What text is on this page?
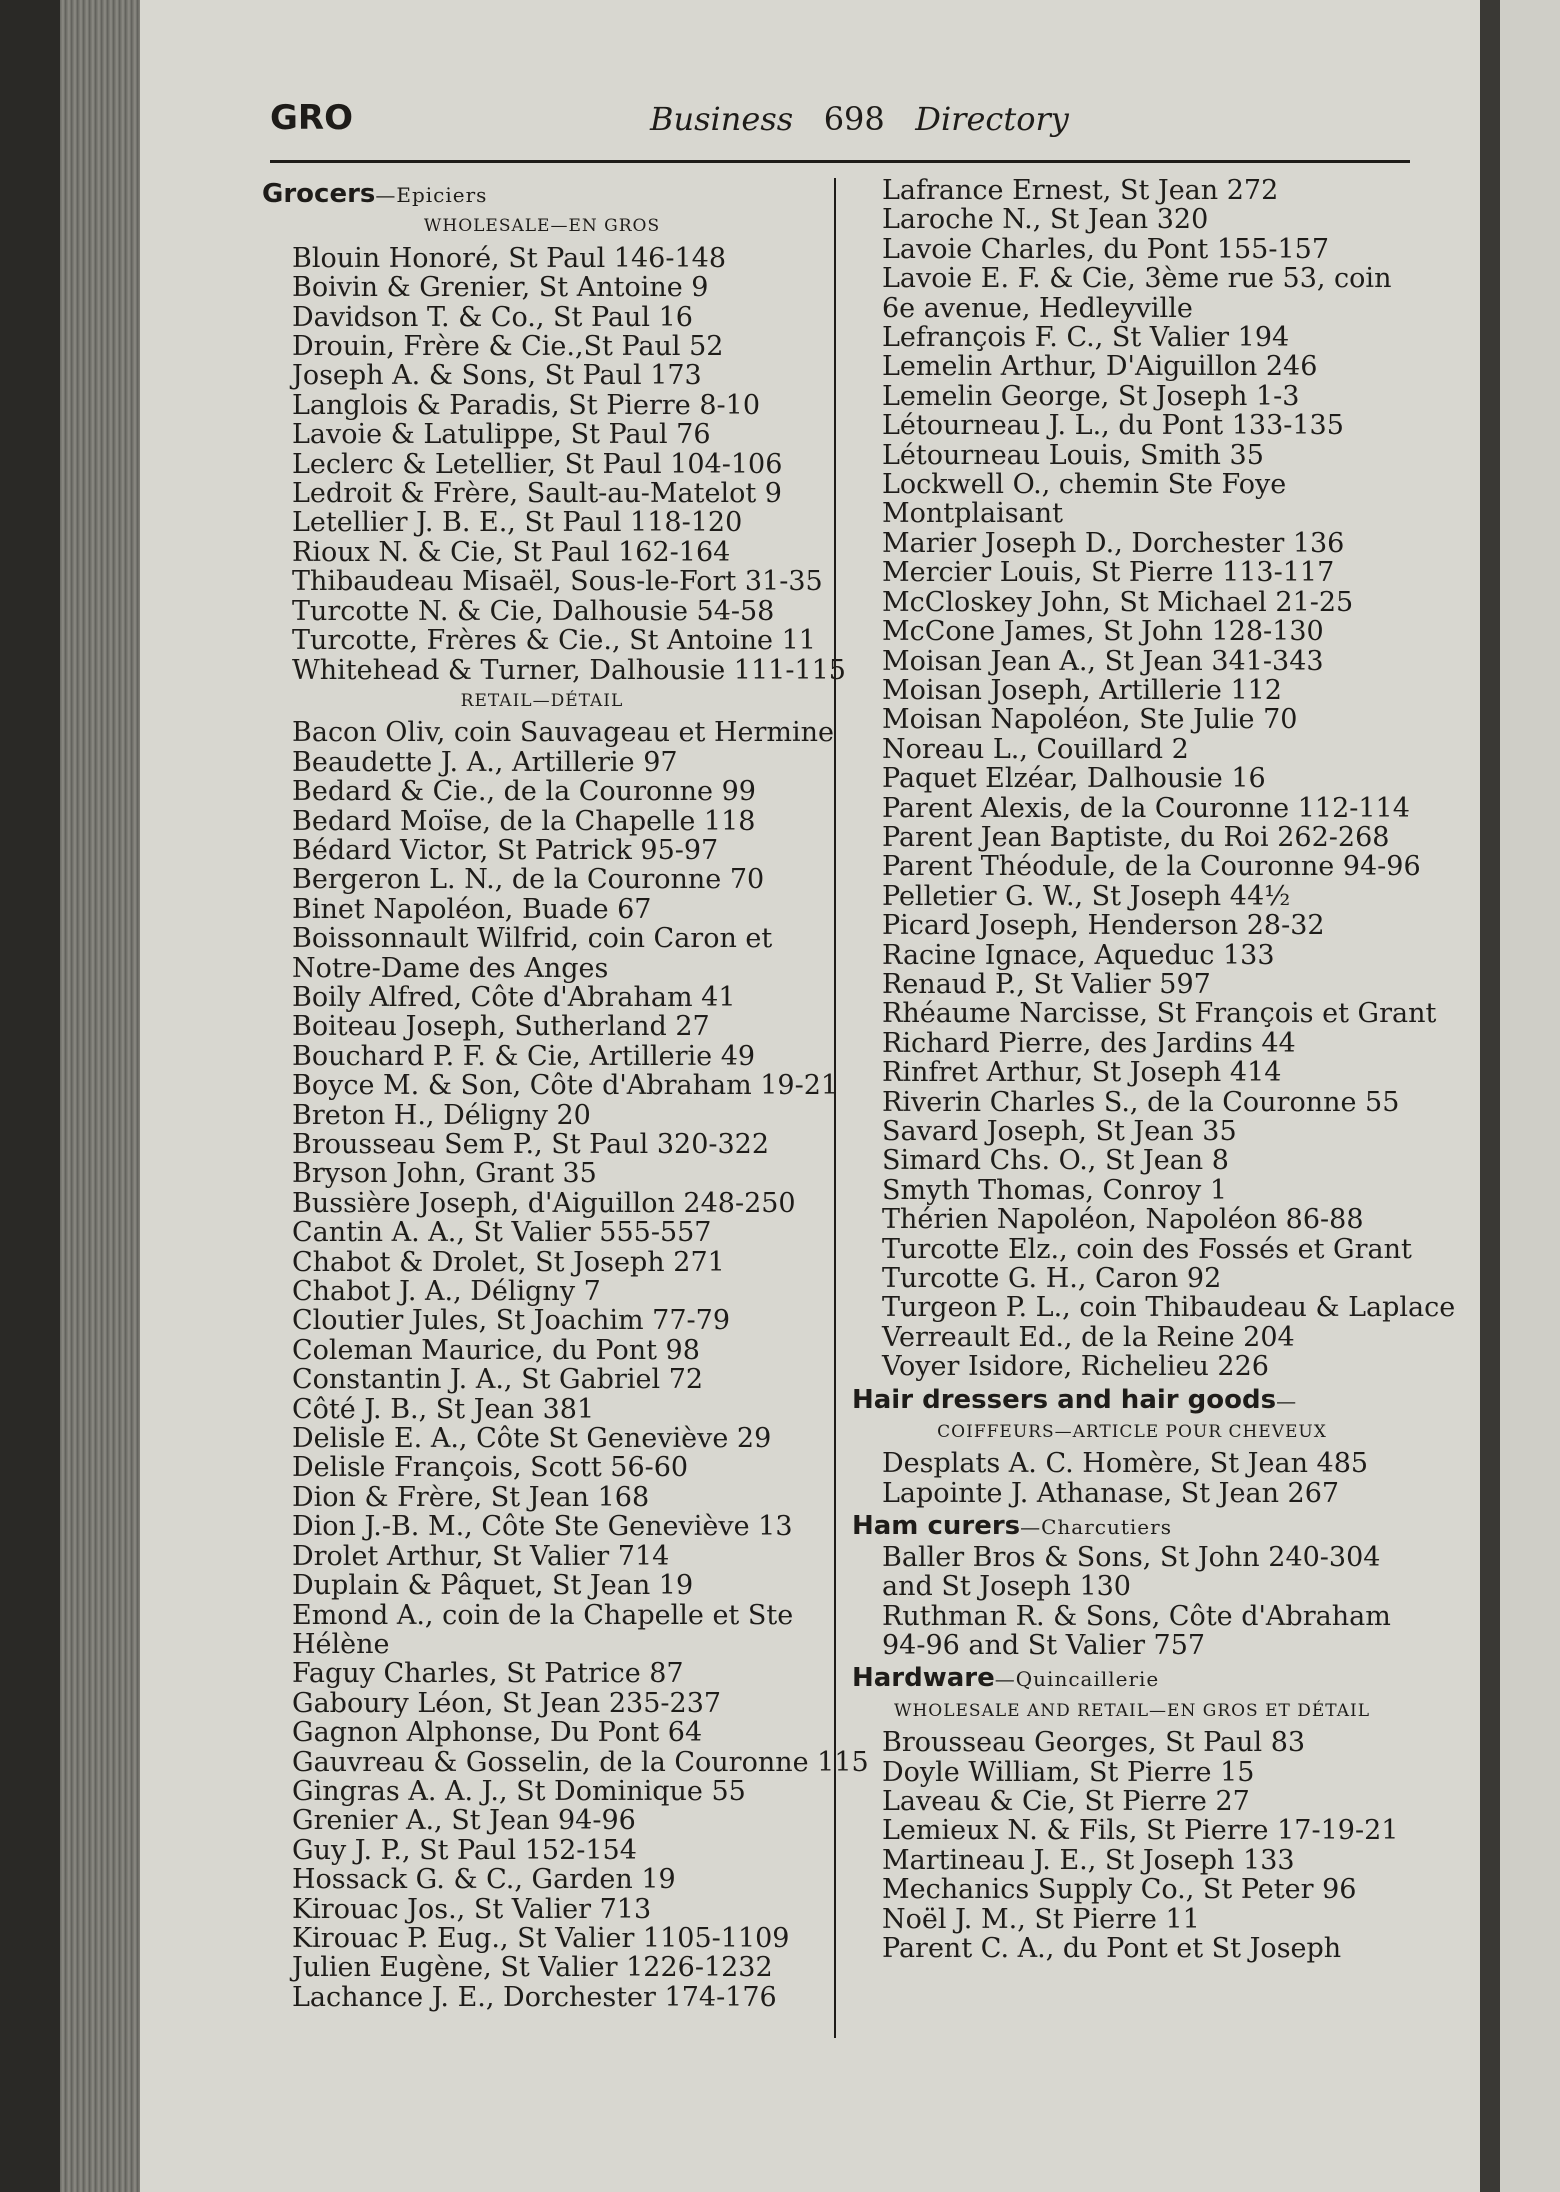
GRO	Business 698 Directory
Grocers—Epiciers
WHOLESALE—EN GROS
Blouin Honoré, St Paul 146-148
Boivin & Grenier, St Antoine 9
Davidson T. & Co., St Paul 16
Drouin, Frère & Cie.,St Paul 52
Joseph A. & Sons, St Paul 173
Langlois & Paradis, St Pierre 8-10
Lavoie & Latulippe, St Paul 76
Leclerc & Letellier, St Paul 104-106
Ledroit & Frère, Sault-au-Matelot 9
Letellier J. B. E., St Paul 118-120
Rioux N. & Cie, St Paul 162-164
Thibaudeau Misaël, Sous-le-Fort 31-35
Turcotte N. & Cie, Dalhousie 54-58
Turcotte, Frères & Cie., St Antoine 11
Whitehead & Turner, Dalhousie 111-115
RETAIL—DÉTAIL
Bacon Oliv, coin Sauvageau et Hermine
Beaudette J. A., Artillerie 97
Bedard & Cie., de la Couronne 99
Bedard Moïse, de la Chapelle 118
Bédard Victor, St Patrick 95-97
Bergeron L. N., de la Couronne 70
Binet Napoléon, Buade 67
Boissonnault Wilfrid, coin Caron et Notre-Dame des Anges
Boily Alfred, Côte d'Abraham 41
Boiteau Joseph, Sutherland 27
Bouchard P. F. & Cie, Artillerie 49
Boyce M. & Son, Côte d'Abraham 19-21
Breton H., Déligny 20
Brousseau Sem P., St Paul 320-322
Bryson John, Grant 35
Bussière Joseph, d'Aiguillon 248-250
Cantin A. A., St Valier 555-557
Chabot & Drolet, St Joseph 271
Chabot J. A., Déligny 7
Cloutier Jules, St Joachim 77-79
Coleman Maurice, du Pont 98
Constantin J. A., St Gabriel 72
Côté J. B., St Jean 381
Delisle E. A., Côte St Geneviève 29
Delisle François, Scott 56-60
Dion & Frère, St Jean 168
Dion J.-B. M., Côte Ste Geneviève 13
Drolet Arthur, St Valier 714
Duplain & Pâquet, St Jean 19
Emond A., coin de la Chapelle et Ste Hélène
Faguy Charles, St Patrice 87
Gaboury Léon, St Jean 235-237
Gagnon Alphonse, Du Pont 64
Gauvreau & Gosselin, de la Couronne 115
Gingras A. A. J., St Dominique 55
Grenier A., St Jean 94-96
Guy J. P., St Paul 152-154
Hossack G. & C., Garden 19
Kirouac Jos., St Valier 713
Kirouac P. Eug., St Valier 1105-1109
Julien Eugène, St Valier 1226-1232
Lachance J. E., Dorchester 174-176
Lafrance Ernest, St Jean 272
Laroche N., St Jean 320
Lavoie Charles, du Pont 155-157
Lavoie E. F. & Cie, 3ème rue 53, coin 6e avenue, Hedleyville
Lefrançois F. C., St Valier 194
Lemelin Arthur, D'Aiguillon 246
Lemelin George, St Joseph 1-3
Létourneau J. L., du Pont 133-135
Létourneau Louis, Smith 35
Lockwell O., chemin Ste Foye Montplaisant
Marier Joseph D., Dorchester 136
Mercier Louis, St Pierre 113-117
McCloskey John, St Michael 21-25
McCone James, St John 128-130
Moisan Jean A., St Jean 341-343
Moisan Joseph, Artillerie 112
Moisan Napoléon, Ste Julie 70
Noreau L., Couillard 2
Paquet Elzéar, Dalhousie 16
Parent Alexis, de la Couronne 112-114
Parent Jean Baptiste, du Roi 262-268
Parent Théodule, de la Couronne 94-96
Pelletier G. W., St Joseph 44½
Picard Joseph, Henderson 28-32
Racine Ignace, Aqueduc 133
Renaud P., St Valier 597
Rhéaume Narcisse, St François et Grant
Richard Pierre, des Jardins 44
Rinfret Arthur, St Joseph 414
Riverin Charles S., de la Couronne 55
Savard Joseph, St Jean 35
Simard Chs. O., St Jean 8
Smyth Thomas, Conroy 1
Thérien Napoléon, Napoléon 86-88
Turcotte Elz., coin des Fossés et Grant
Turcotte G. H., Caron 92
Turgeon P. L., coin Thibaudeau & Laplace
Verreault Ed., de la Reine 204
Voyer Isidore, Richelieu 226
Hair dressers and hair goods—
COIFFEURS—ARTICLE POUR CHEVEUX
Desplats A. C. Homère, St Jean 485
Lapointe J. Athanase, St Jean 267
Ham curers—Charcutiers
Baller Bros & Sons, St John 240-304 and St Joseph 130
Ruthman R. & Sons, Côte d'Abraham 94-96 and St Valier 757
Hardware—Quincaillerie
WHOLESALE AND RETAIL—EN GROS ET DÉTAIL
Brousseau Georges, St Paul 83
Doyle William, St Pierre 15
Laveau & Cie, St Pierre 27
Lemieux N. & Fils, St Pierre 17-19-21
Martineau J. E., St Joseph 133
Mechanics Supply Co., St Peter 96
Noël J. M., St Pierre 11
Parent C. A., du Pont et St Joseph
